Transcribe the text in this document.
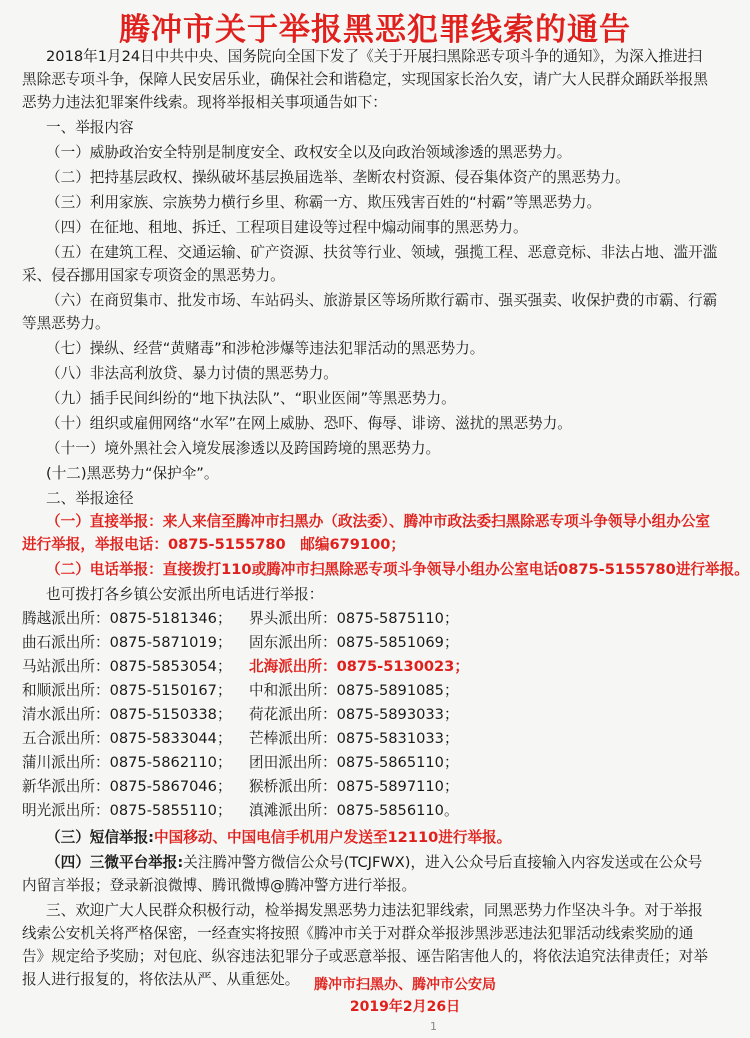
腾冲市关于举报黑恶犯罪线索的通告
2018年1月24日中共中央、国务院向全国下发了《关于开展扫黑除恶专项斗争的通知》，为深入推进扫
黑除恶专项斗争，保障人民安居乐业，确保社会和谐稳定，实现国家长治久安，请广大人民群众踊跃举报黑
恶势力违法犯罪案件线索。现将举报相关事项通告如下：
一、举报内容
（一）威胁政治安全特别是制度安全、政权安全以及向政治领域渗透的黑恶势力。
（二）把持基层政权、操纵破坏基层换届选举、垄断农村资源、侵吞集体资产的黑恶势力。
（三）利用家族、宗族势力横行乡里、称霸一方、欺压残害百姓的“村霸”等黑恶势力。
（四）在征地、租地、拆迁、工程项目建设等过程中煽动闹事的黑恶势力。
（五）在建筑工程、交通运输、矿产资源、扶贫等行业、领域，强揽工程、恶意竞标、非法占地、滥开滥
采、侵吞挪用国家专项资金的黑恶势力。
（六）在商贸集市、批发市场、车站码头、旅游景区等场所欺行霸市、强买强卖、收保护费的市霸、行霸
等黑恶势力。
（七）操纵、经营“黄赌毒”和涉枪涉爆等违法犯罪活动的黑恶势力。
（八）非法高利放贷、暴力讨债的黑恶势力。
（九）插手民间纠纷的“地下执法队”、“职业医闹”等黑恶势力。
（十）组织或雇佣网络“水军”在网上威胁、恐吓、侮辱、诽谤、滋扰的黑恶势力。
（十一）境外黑社会入境发展渗透以及跨国跨境的黑恶势力。
(十二)黑恶势力“保护伞”。
二、举报途径
（一）直接举报：来人来信至腾冲市扫黑办（政法委）、腾冲市政法委扫黑除恶专项斗争领导小组办公室
进行举报，举报电话：0875-5155780　邮编679100；
（二）电话举报：直接拨打110或腾冲市扫黑除恶专项斗争领导小组办公室电话0875-5155780进行举报。
也可拨打各乡镇公安派出所电话进行举报：
腾越派出所：0875-5181346； 界头派出所：0875-5875110；
曲石派出所：0875-5871019； 固东派出所：0875-5851069；
马站派出所：0875-5853054； 北海派出所：0875-5130023；
和顺派出所：0875-5150167； 中和派出所：0875-5891085；
清水派出所：0875-5150338； 荷花派出所：0875-5893033；
五合派出所：0875-5833044； 芒棒派出所：0875-5831033；
蒲川派出所：0875-5862110； 团田派出所：0875-5865110；
新华派出所：0875-5867046； 猴桥派出所：0875-5897110；
明光派出所：0875-5855110； 滇滩派出所：0875-5856110。
（三）短信举报:中国移动、中国电信手机用户发送至12110进行举报。
（四）三微平台举报:关注腾冲警方微信公众号(TCJFWX)，进入公众号后直接输入内容发送或在公众号
内留言举报；登录新浪微博、腾讯微博@腾冲警方进行举报。
三、欢迎广大人民群众积极行动，检举揭发黑恶势力违法犯罪线索，同黑恶势力作坚决斗争。对于举报
线索公安机关将严格保密，一经查实将按照《腾冲市关于对群众举报涉黑涉恶违法犯罪活动线索奖励的通
告》规定给予奖励；对包庇、纵容违法犯罪分子或恶意举报、诬告陷害他人的，将依法追究法律责任；对举
报人进行报复的，将依法从严、从重惩处。	腾冲市扫黑办、腾冲市公安局
2019年2月26日
1
